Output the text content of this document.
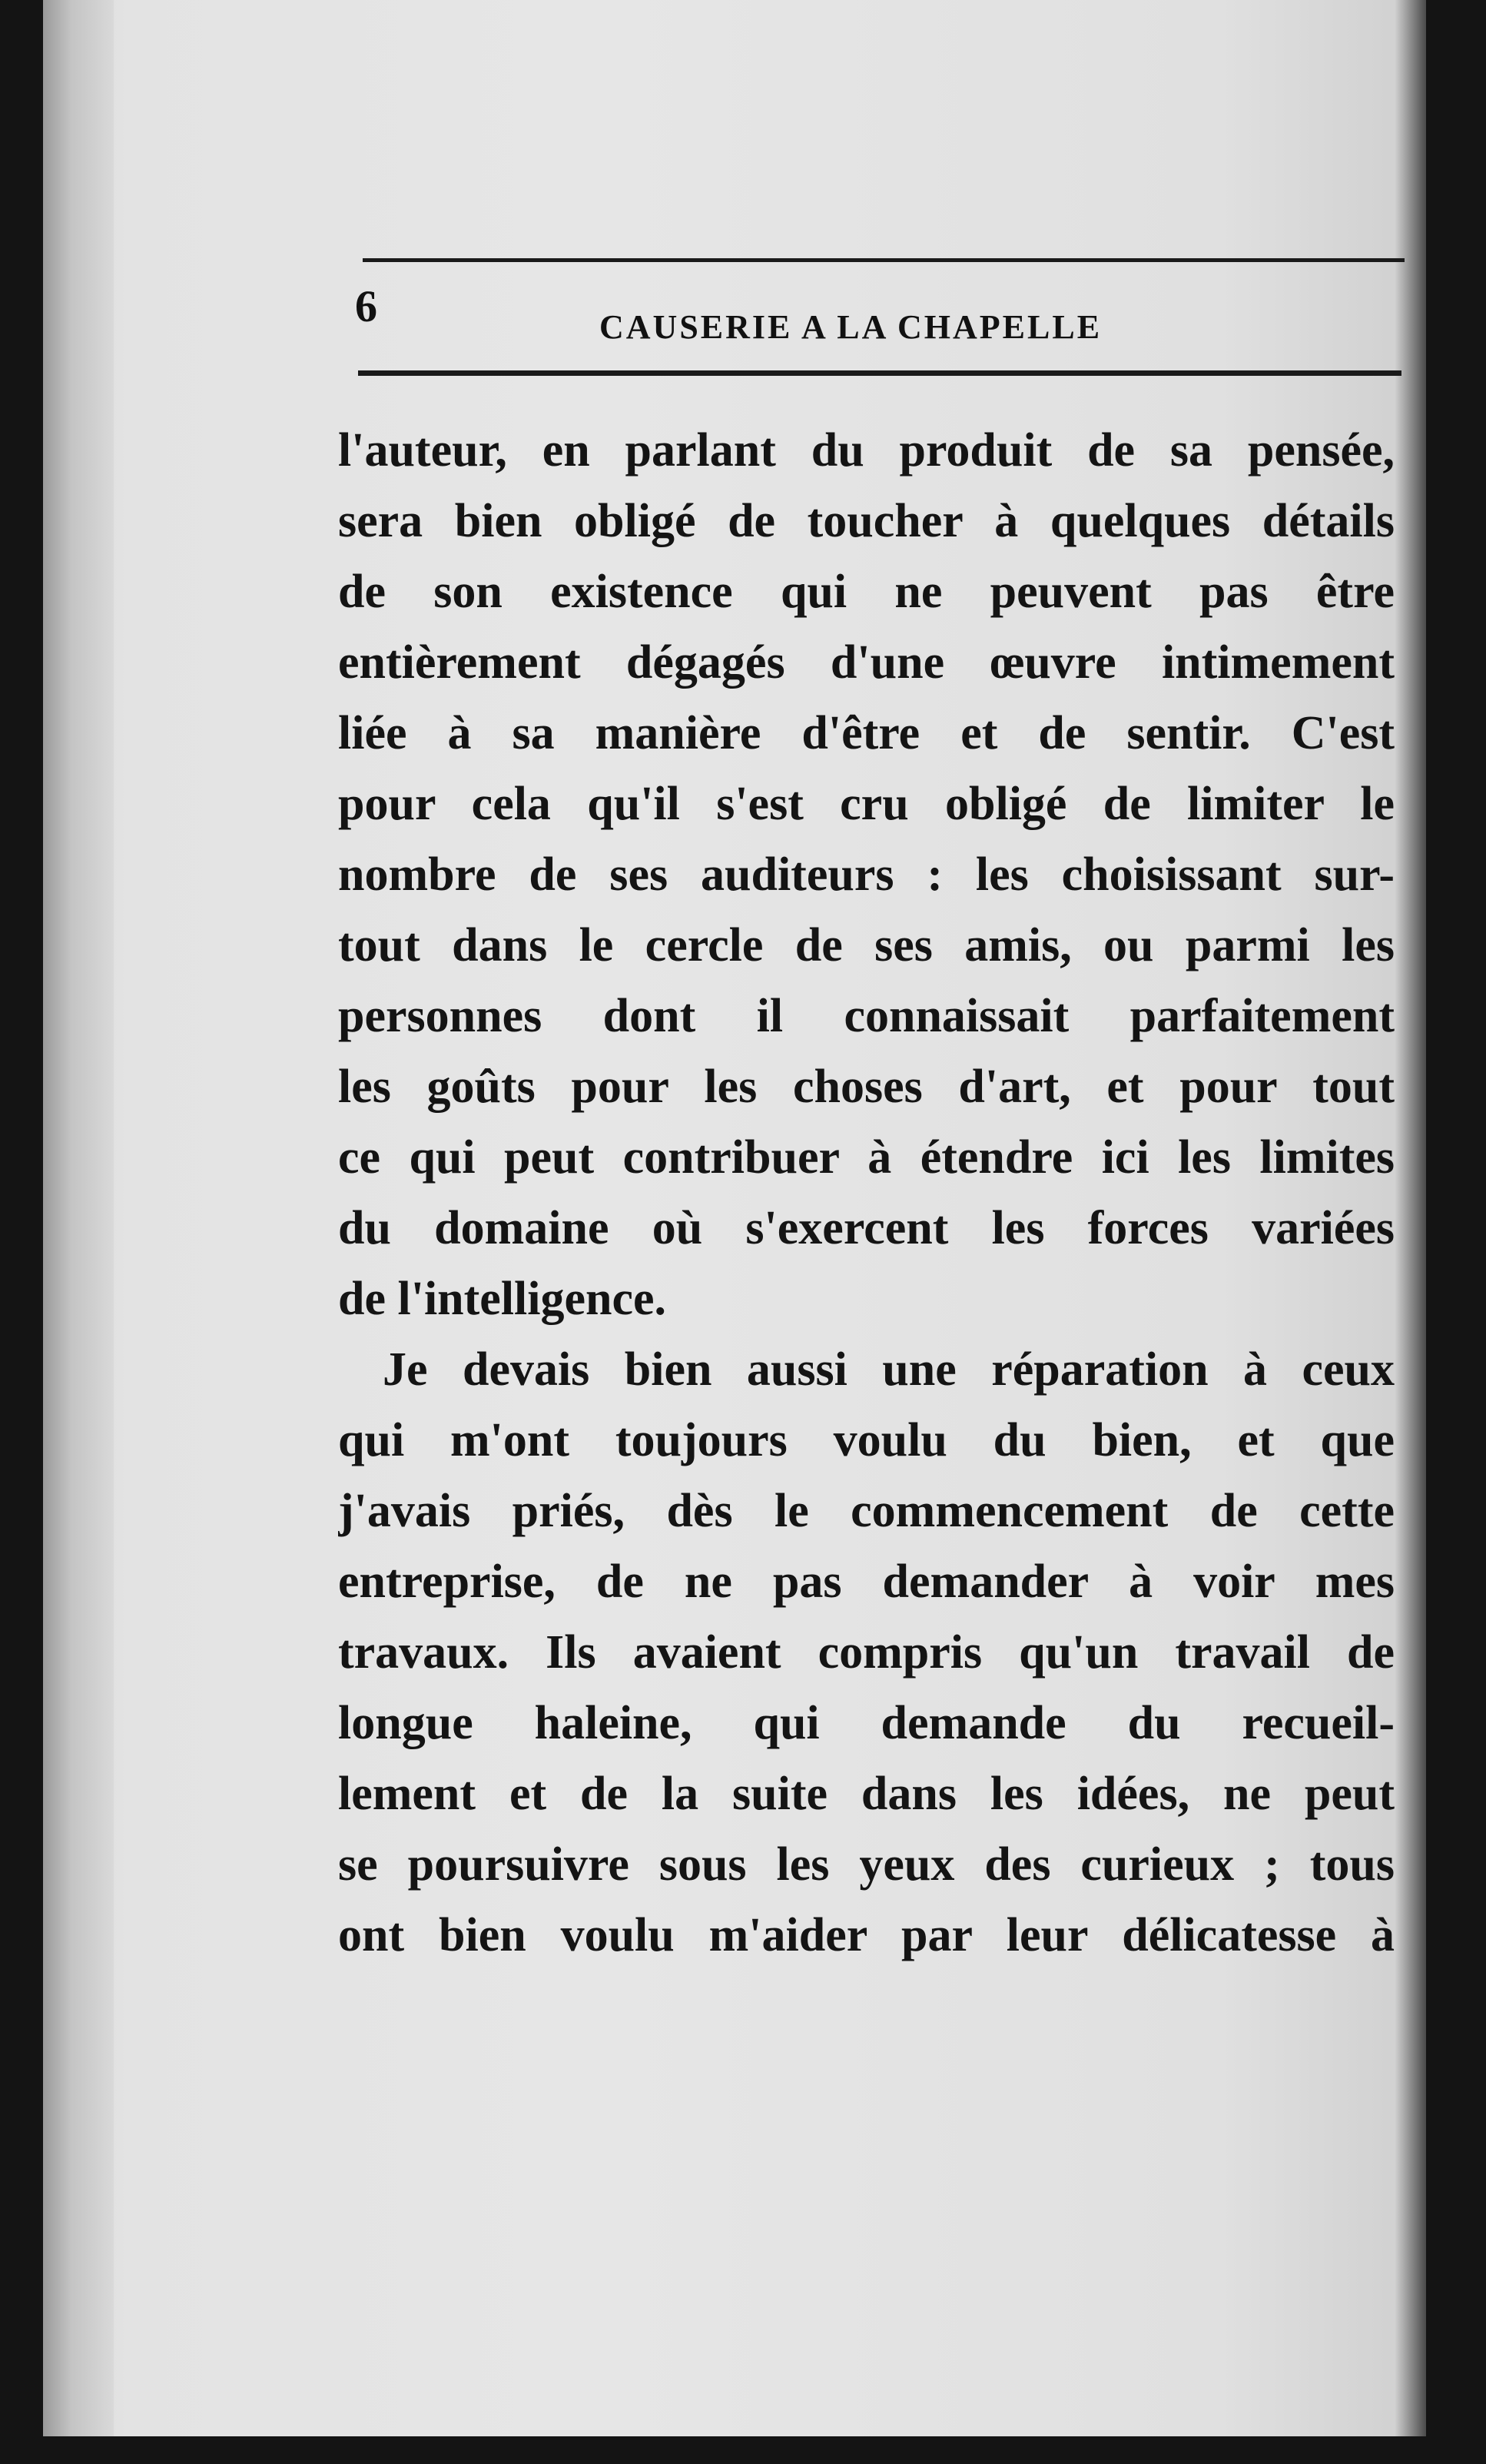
6	CAUSERIE A LA CHAPELLE
l'auteur, en parlant du produit de sa pensée,
sera bien obligé de toucher à quelques détails
de son existence qui ne peuvent pas être
entièrement dégagés d'une œuvre intimement
liée à sa manière d'être et de sentir. C'est
pour cela qu'il s'est cru obligé de limiter le
nombre de ses auditeurs : les choisissant sur-
tout dans le cercle de ses amis, ou parmi les
personnes dont il connaissait parfaitement
les goûts pour les choses d'art, et pour tout
ce qui peut contribuer à étendre ici les limites
du domaine où s'exercent les forces variées
de l'intelligence.
Je devais bien aussi une réparation à ceux
qui m'ont toujours voulu du bien, et que
j'avais priés, dès le commencement de cette
entreprise, de ne pas demander à voir mes
travaux. Ils avaient compris qu'un travail de
longue haleine, qui demande du recueil-
lement et de la suite dans les idées, ne peut
se poursuivre sous les yeux des curieux ; tous
ont bien voulu m'aider par leur délicatesse à
